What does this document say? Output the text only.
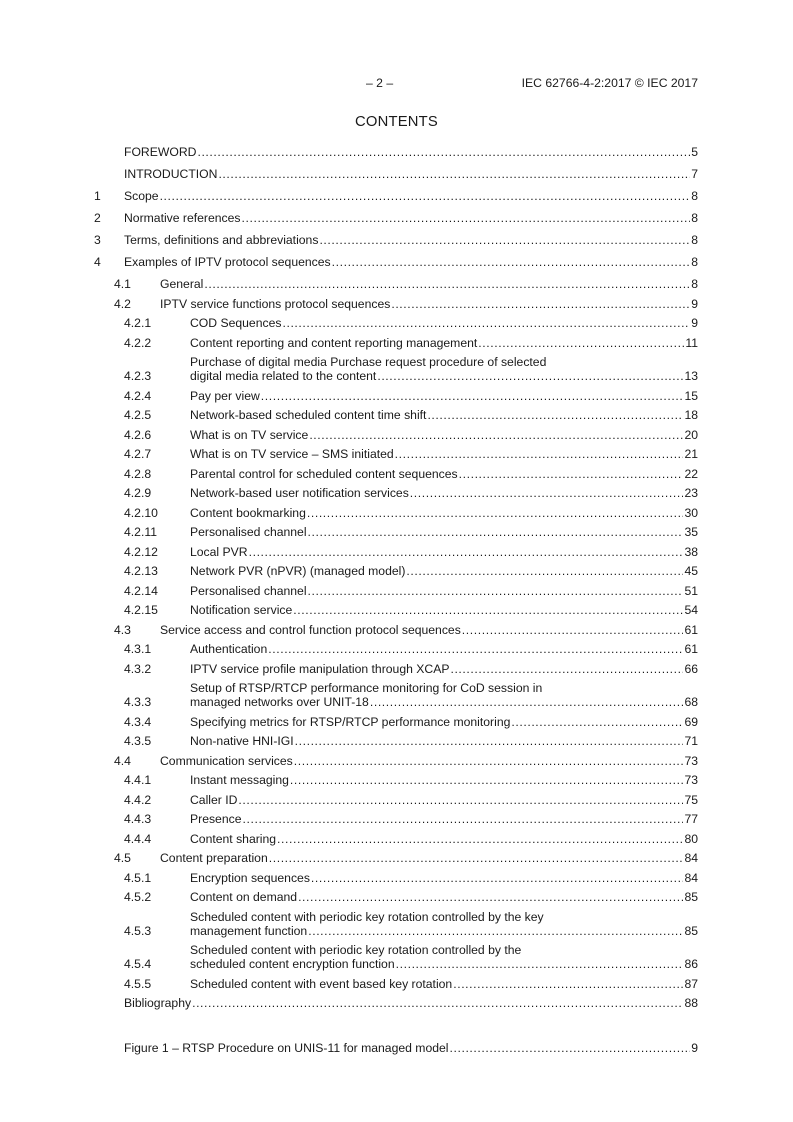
– 2 –	IEC 62766-4-2:2017 © IEC 2017
CONTENTS
FOREWORD .....	5
INTRODUCTION .....	7
1	Scope .....	8
2	Normative references .....	8
3	Terms, definitions and abbreviations .....	8
4	Examples of IPTV protocol sequences .....	8
4.1	General .....	8
4.2	IPTV service functions protocol sequences .....	9
4.2.1	COD Sequences .....	9
4.2.2	Content reporting and content reporting management .....	11
4.2.3
Purchase of digital media Purchase request procedure of selected
digital media related to the content .....	13
4.2.4	Pay per view .....	15
4.2.5	Network-based scheduled content time shift .....	18
4.2.6	What is on TV service .....	20
4.2.7	What is on TV service – SMS initiated .....	21
4.2.8	Parental control for scheduled content sequences .....	22
4.2.9	Network-based user notification services .....	23
4.2.10	Content bookmarking .....	30
4.2.11	Personalised channel .....	35
4.2.12	Local PVR .....	38
4.2.13	Network PVR (nPVR) (managed model) .....	45
4.2.14	Personalised channel .....	51
4.2.15	Notification service .....	54
4.3	Service access and control function protocol sequences .....	61
4.3.1	Authentication .....	61
4.3.2	IPTV service profile manipulation through XCAP .....	66
4.3.3
Setup of RTSP/RTCP performance monitoring for CoD session in
managed networks over UNIT-18 .....	68
4.3.4	Specifying metrics for RTSP/RTCP performance monitoring .....	69
4.3.5	Non-native HNI-IGI .....	71
4.4	Communication services .....	73
4.4.1	Instant messaging .....	73
4.4.2	Caller ID .....	75
4.4.3	Presence .....	77
4.4.4	Content sharing .....	80
4.5	Content preparation .....	84
4.5.1	Encryption sequences .....	84
4.5.2	Content on demand .....	85
4.5.3
Scheduled content with periodic key rotation controlled by the key
management function .....	85
4.5.4
Scheduled content with periodic key rotation controlled by the
scheduled content encryption function .....	86
4.5.5	Scheduled content with event based key rotation .....	87
Bibliography .....	88
Figure 1 – RTSP Procedure on UNIS-11 for managed model .....	9
